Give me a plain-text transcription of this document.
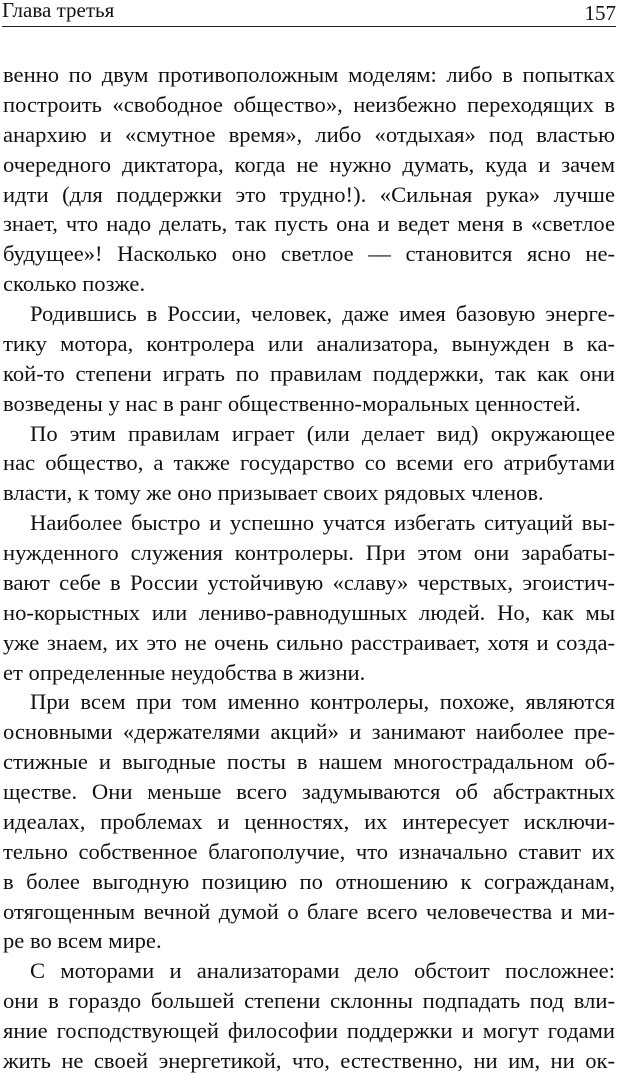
Глава третья	157
венно по двум противоположным моделям: либо в попытках
построить «свободное общество», неизбежно переходящих в
анархию и «смутное время», либо «отдыхая» под властью
очередного диктатора, когда не нужно думать, куда и зачем
идти (для поддержки это трудно!). «Сильная рука» лучше
знает, что надо делать, так пусть она и ведет меня в «светлое
будущее»! Насколько оно светлое — становится ясно не-
сколько позже.
Родившись в России, человек, даже имея базовую энерге-
тику мотора, контролера или анализатора, вынужден в ка-
кой-то степени играть по правилам поддержки, так как они
возведены у нас в ранг общественно-моральных ценностей.
По этим правилам играет (или делает вид) окружающее
нас общество, а также государство со всеми его атрибутами
власти, к тому же оно призывает своих рядовых членов.
Наиболее быстро и успешно учатся избегать ситуаций вы-
нужденного служения контролеры. При этом они зарабаты-
вают себе в России устойчивую «славу» черствых, эгоистич-
но-корыстных или лениво-равнодушных людей. Но, как мы
уже знаем, их это не очень сильно расстраивает, хотя и созда-
ет определенные неудобства в жизни.
При всем при том именно контролеры, похоже, являются
основными «держателями акций» и занимают наиболее пре-
стижные и выгодные посты в нашем многострадальном об-
ществе. Они меньше всего задумываются об абстрактных
идеалах, проблемах и ценностях, их интересует исключи-
тельно собственное благополучие, что изначально ставит их
в более выгодную позицию по отношению к согражданам,
отягощенным вечной думой о благе всего человечества и ми-
ре во всем мире.
С моторами и анализаторами дело обстоит посложнее:
они в гораздо большей степени склонны подпадать под вли-
яние господствующей философии поддержки и могут годами
жить не своей энергетикой, что, естественно, ни им, ни ок-
